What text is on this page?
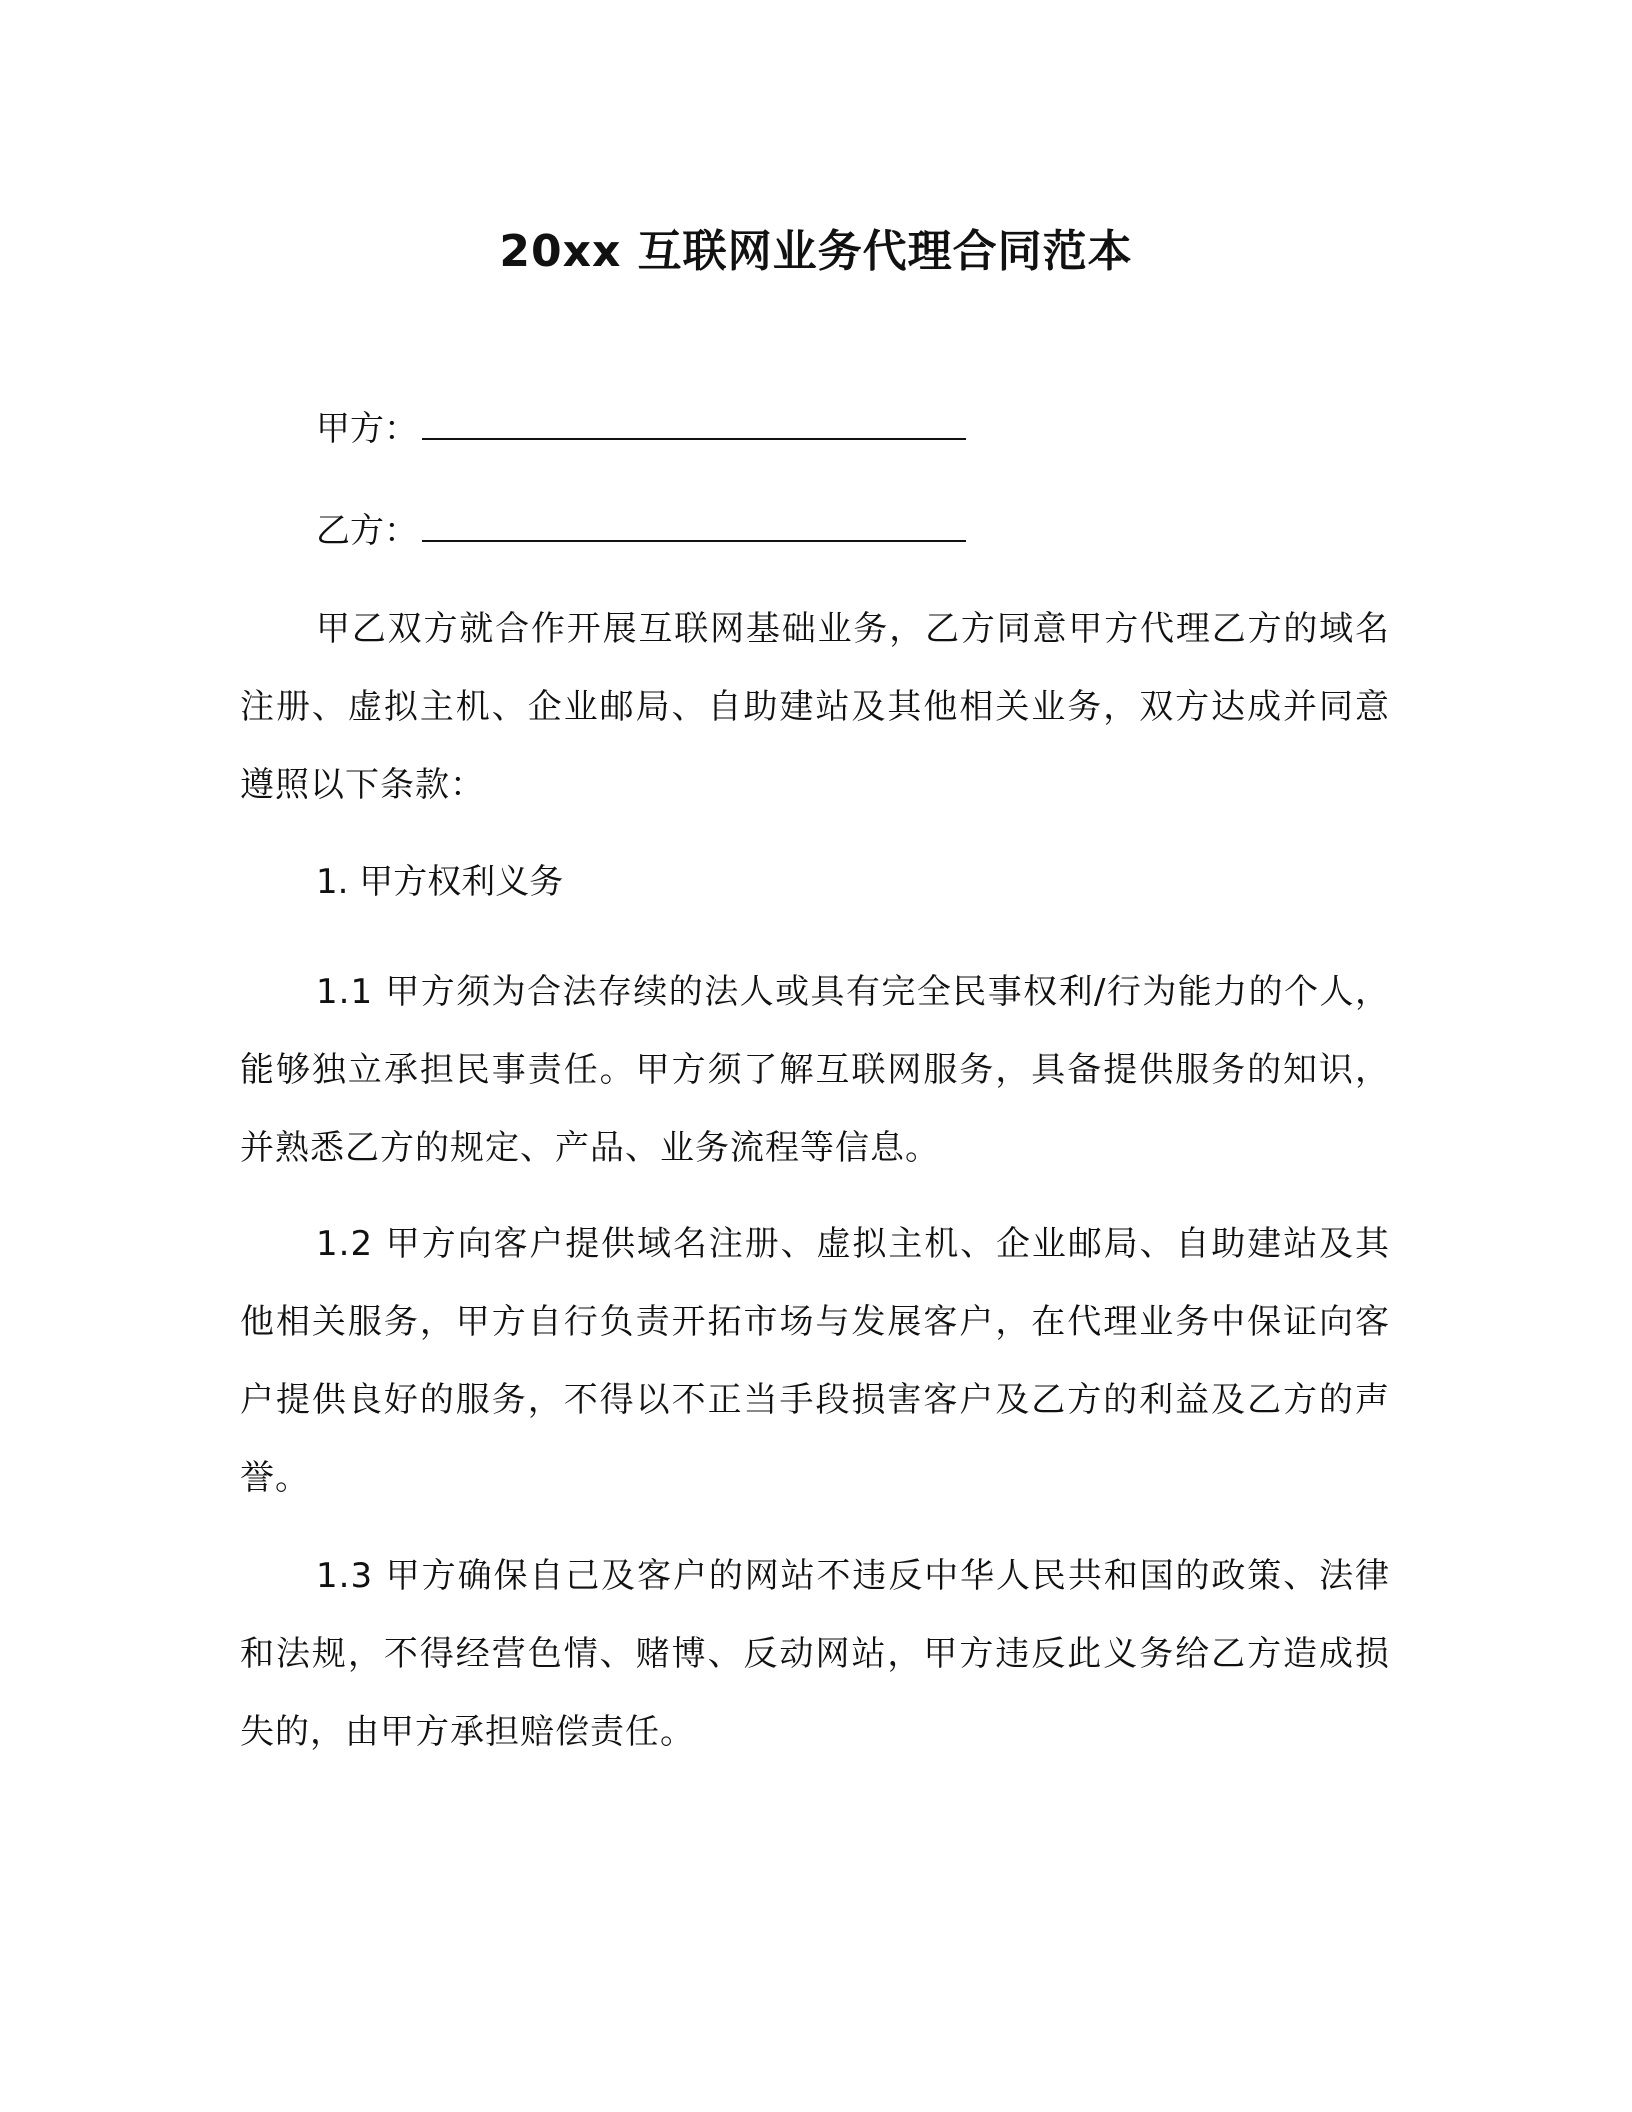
20xx 互联网业务代理合同范本
甲方：
乙方：
甲乙双方就合作开展互联网基础业务，乙方同意甲方代理乙方的域名注册、虚拟主机、企业邮局、自助建站及其他相关业务，双方达成并同意遵照以下条款：
1. 甲方权利义务
1.1 甲方须为合法存续的法人或具有完全民事权利/行为能力的个人，能够独立承担民事责任。甲方须了解互联网服务，具备提供服务的知识，并熟悉乙方的规定、产品、业务流程等信息。
1.2 甲方向客户提供域名注册、虚拟主机、企业邮局、自助建站及其他相关服务，甲方自行负责开拓市场与发展客户，在代理业务中保证向客户提供良好的服务，不得以不正当手段损害客户及乙方的利益及乙方的声誉。
1.3 甲方确保自己及客户的网站不违反中华人民共和国的政策、法律和法规，不得经营色情、赌博、反动网站，甲方违反此义务给乙方造成损失的，由甲方承担赔偿责任。
